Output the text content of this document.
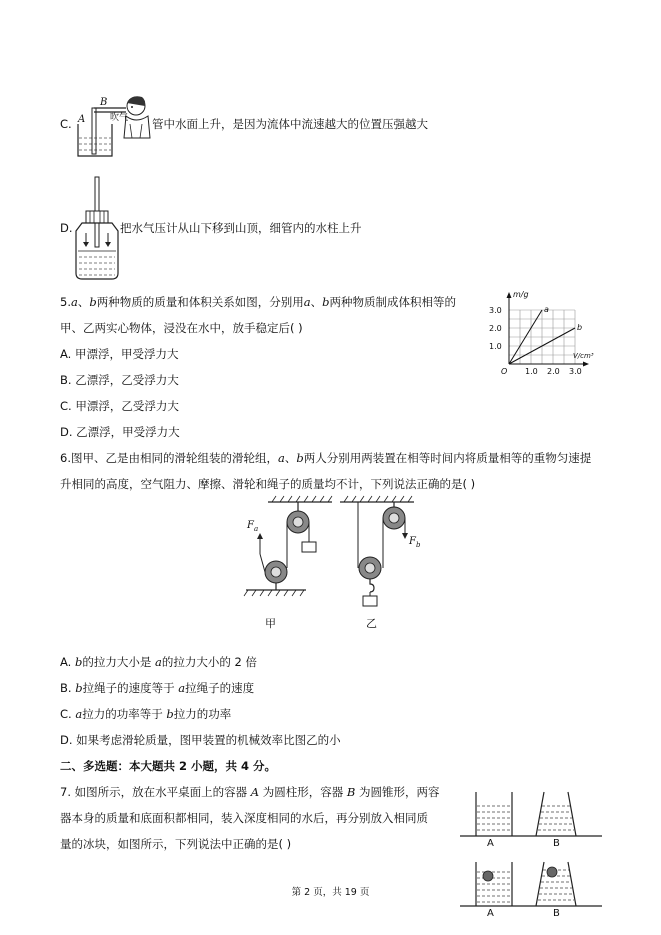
C. A
B
吹气 管中水面上升，是因为流体中流速越大的位置压强越大
D.	把水气压计从山下移到山顶，细管内的水柱上升
5.a、b两种物质的质量和体积关系如图，分别用a、b两种物质制成体积相等的
甲、乙两实心物体，浸没在水中，放手稳定后( )
A. 甲漂浮，甲受浮力大
B. 乙漂浮，乙受浮力大
C. 甲漂浮，乙受浮力大
D. 乙漂浮，甲受浮力大
1.0
2.0
3.0
1.0 2.0 3.0
m/g
V/cm³
O
a
b
6.图甲、乙是由相同的滑轮组装的滑轮组，a、b两人分别用两装置在相等时间内将质量相等的重物匀速提
升相同的高度，空气阻力、摩擦、滑轮和绳子的质量均不计，下列说法正确的是( )
$F_a$
$F_b$
甲	乙
A. b的拉力大小是 a的拉力大小的 2 倍
B. b拉绳子的速度等于 a拉绳子的速度
C. a拉力的功率等于 b拉力的功率
D. 如果考虑滑轮质量，图甲装置的机械效率比图乙的小
二、多选题：本大题共 2 小题，共 4 分。
7. 如图所示，放在水平桌面上的容器 A 为圆柱形，容器 B 为圆锥形，两容
器本身的质量和底面积都相同，装入深度相同的水后，再分别放入相同质
量的冰块，如图所示，下列说法中正确的是( )	A	B
A	B
第 2 页，共 19 页
